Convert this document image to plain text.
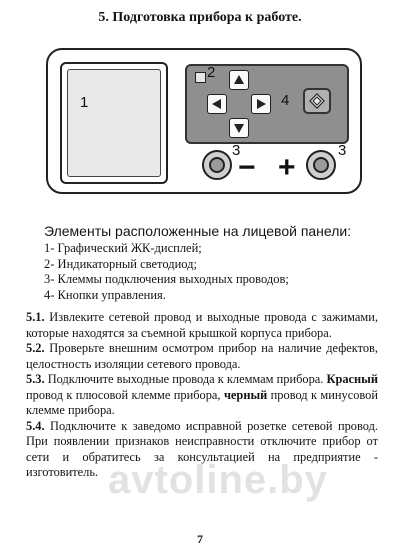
5. Подготовка прибора к работе.
1
2
4
3
− +
3
Элементы расположенные на лицевой панели:
1- Графический ЖК-дисплей;
2- Индикаторный светодиод;
3- Клеммы подключения выходных проводов;
4- Кнопки управления.

5.1. Извлеките сетевой провод и выходные провода с зажимами, которые находятся за съемной крышкой корпуса прибора.

5.2. Проверьте внешним осмотром прибор на наличие дефектов, целостность изоляции сетевого провода.

5.3. Подключите выходные провода к клеммам прибора. Красный провод к плюсовой клемме прибора, черный провод к минусовой клемме прибора.

5.4. Подключите к заведомо исправной розетке сетевой провод. При появлении признаков неисправности отключите прибор от сети и обратитесь за консультацией на предприятие - изготовитель. avtoline.by
7
